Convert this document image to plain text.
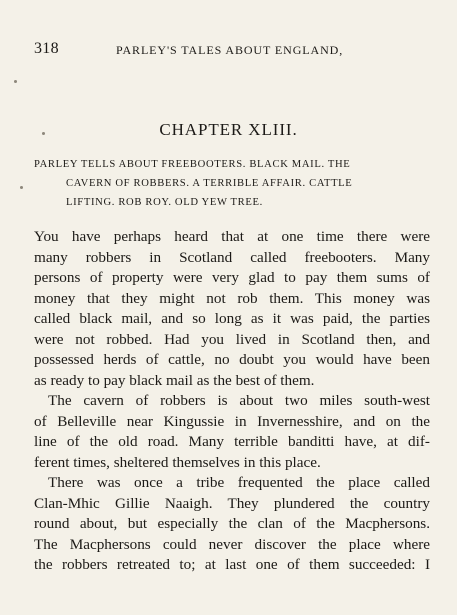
318	PARLEY'S TALES ABOUT ENGLAND,
CHAPTER XLIII.
PARLEY TELLS ABOUT FREEBOOTERS. BLACK MAIL. THE
CAVERN OF ROBBERS. A TERRIBLE AFFAIR. CATTLE
LIFTING. ROB ROY. OLD YEW TREE.
You have perhaps heard that at one time there were
many robbers in Scotland called freebooters. Many
persons of property were very glad to pay them sums of
money that they might not rob them. This money was
called black mail, and so long as it was paid, the parties
were not robbed. Had you lived in Scotland then, and
possessed herds of cattle, no doubt you would have been
as ready to pay black mail as the best of them.
The cavern of robbers is about two miles south-west
of Belleville near Kingussie in Invernesshire, and on the
line of the old road. Many terrible banditti have, at dif-
ferent times, sheltered themselves in this place.
There was once a tribe frequented the place called
Clan-Mhic Gillie Naaigh. They plundered the country
round about, but especially the clan of the Macphersons.
The Macphersons could never discover the place where
the robbers retreated to; at last one of them succeeded: I
